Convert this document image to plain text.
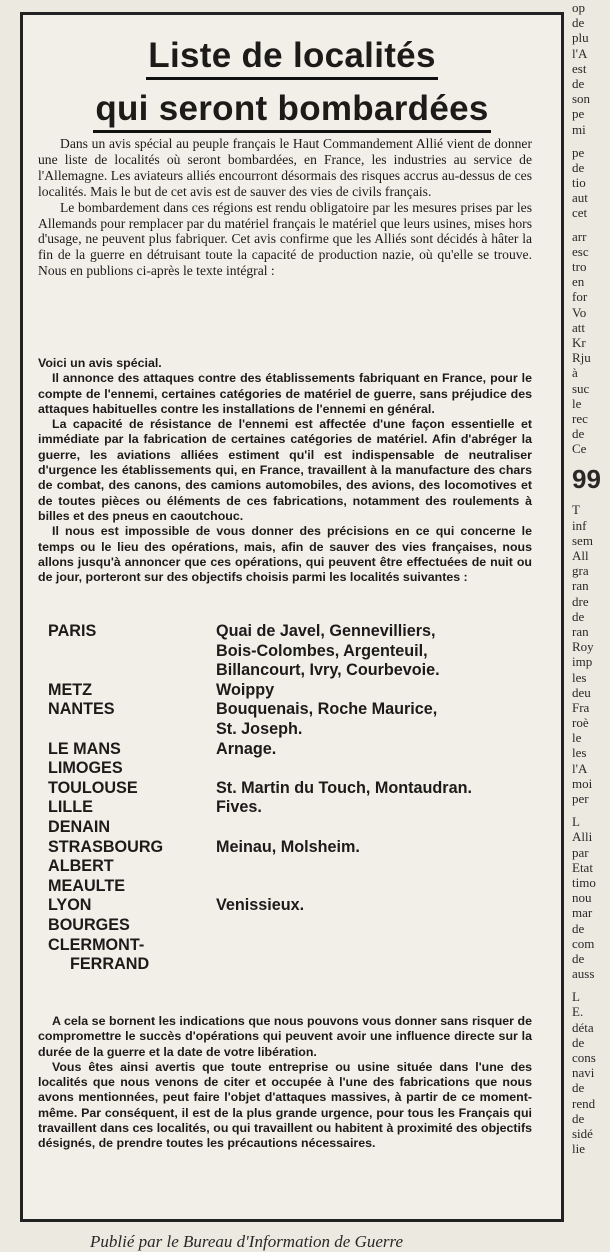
Liste de localités
qui seront bombardées

Dans un avis spécial au peuple français le Haut Commandement Allié vient de donner une liste de localités où seront bombardées, en France, les industries au service de l'Allemagne. Les aviateurs alliés encourront désormais des risques accrus au-dessus de ces localités. Mais le but de cet avis est de sauver des vies de civils français.

Le bombardement dans ces régions est rendu obligatoire par les mesures prises par les Allemands pour remplacer par du matériel français le matériel que leurs usines, mises hors d'usage, ne peuvent plus fabriquer. Cet avis confirme que les Alliés sont décidés à hâter la fin de la guerre en détruisant toute la capacité de production nazie, où qu'elle se trouve. Nous en publions ci-après le texte intégral :

Voici un avis spécial.

Il annonce des attaques contre des établissements fabriquant en France, pour le compte de l'ennemi, certaines catégories de matériel de guerre, sans préjudice des attaques habituelles contre les installations de l'ennemi en général.

La capacité de résistance de l'ennemi est affectée d'une façon essentielle et immédiate par la fabrication de certaines catégories de matériel. Afin d'abréger la guerre, les aviations alliées estiment qu'il est indispensable de neutraliser d'urgence les établissements qui, en France, travaillent à la manufacture des chars de combat, des canons, des camions automobiles, des avions, des locomotives et de toutes pièces ou éléments de ces fabrications, notamment des roulements à billes et des pneus en caoutchouc.

Il nous est impossible de vous donner des précisions en ce qui concerne le temps ou le lieu des opérations, mais, afin de sauver des vies françaises, nous allons jusqu'à annoncer que ces opérations, qui peuvent être effectuées de nuit ou de jour, porteront sur des objectifs choisis parmi les localités suivantes :

PARIS	Quai de Javel, Gennevilliers,
Bois-Colombes, Argenteuil,
Billancourt, Ivry, Courbevoie.
METZ	Woippy
NANTES	Bouquenais, Roche Maurice,
St. Joseph.
LE MANS	Arnage.
LIMOGES
TOULOUSE	St. Martin du Touch, Montaudran.
LILLE	Fives.
DENAIN
STRASBOURG	Meinau, Molsheim.
ALBERT
MEAULTE
LYON	Venissieux.
BOURGES
CLERMONT-
FERRAND

A cela se bornent les indications que nous pouvons vous donner sans risquer de compromettre le succès d'opérations qui peuvent avoir une influence directe sur la durée de la guerre et la date de votre libération.

Vous êtes ainsi avertis que toute entreprise ou usine située dans l'une des localités que nous venons de citer et occupée à l'une des fabrications que nous avons mentionnées, peut faire l'objet d'attaques massives, à partir de ce moment-même. Par conséquent, il est de la plus grande urgence, pour tous les Français qui travaillent dans ces localités, ou qui travaillent ou habitent à proximité des objectifs désignés, de prendre toutes les précautions nécessaires.

op
de
plu
l'A
est
de
son
pe
mi
pe
de
tio
aut
cet
arr
esc
tro
en
for
Vo
att
Kr
Rju
à
suc
le
rec
de
Ce
99
T
inf
sem
All
gra
ran
dre
de
ran
Roy
imp
les
deu
Fra
roè
le
les
l'A
moi
per
L
Alli
par
Etat
timo
nou
mar
de
com
de
auss
L
E.
déta
de
cons
navi
de
rend
de
sidé
lie
Publié par le Bureau d'Information de Guerre
